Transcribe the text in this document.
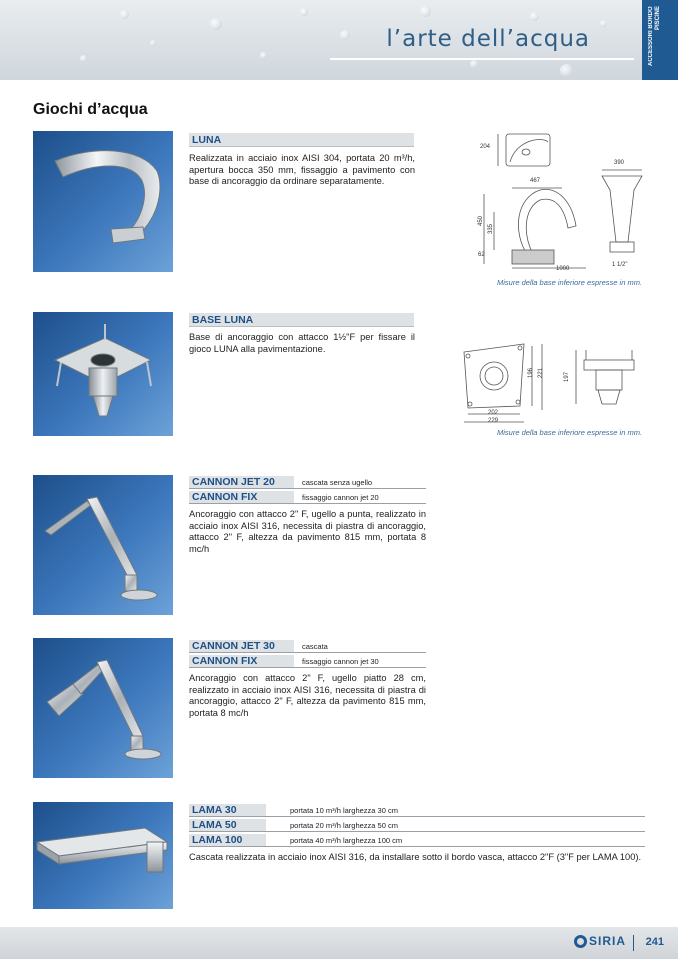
l’arte dell’acqua	ACCESSORI BORDO PISCINE
Giochi d’acqua
LUNA
Realizzata in acciaio inox AISI 304, portata 20 m³/h, apertura bocca 350 mm, fissaggio a pavimento con base di ancoraggio da ordinare separatamente.
204
467
390
450
335
62
1000
1 1/2"
Misure della base inferiore espresse in mm.
BASE LUNA
Base di ancoraggio con attacco 1½"F per fissare il gioco LUNA alla pavimentazione.
196 221	197
202
229
Misure della base inferiore espresse in mm.
CANNON JET 20	cascata senza ugello
CANNON FIX	fissaggio cannon jet 20
Ancoraggio con attacco 2" F, ugello a punta, realizzato in acciaio inox AISI 316, necessita di piastra di ancoraggio, attacco 2" F, altezza da pavimento 815 mm, portata 8 mc/h
CANNON JET 30	cascata
CANNON FIX	fissaggio cannon jet 30
Ancoraggio con attacco 2" F, ugello piatto 28 cm, realizzato in acciaio inox AISI 316, necessita di piastra di ancoraggio, attacco 2" F, altezza da pavimento 815 mm, portata 8 mc/h
LAMA 30	portata 10 m³/h larghezza 30 cm
LAMA 50	portata 20 m³/h larghezza 50 cm
LAMA 100	portata 40 m³/h larghezza 100 cm
Cascata realizzata in acciaio inox AISI 316, da installare sotto il bordo vasca, attacco 2"F (3"F per LAMA 100).
SIRIA 241
